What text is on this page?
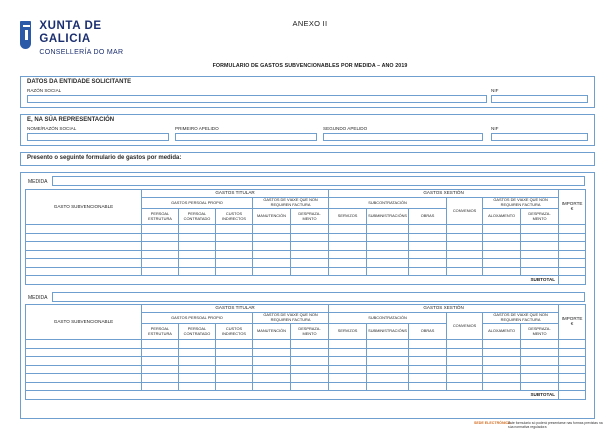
XUNTA DE GALICIA
CONSELLERÍA DO MAR
ANEXO II
FORMULARIO DE GASTOS SUBVENCIONABLES POR MEDIDA – ANO 2019
DATOS DA ENTIDADE SOLICITANTE
RAZÓN SOCIAL	NIF
E, NA SÚA REPRESENTACIÓN
NOME/RAZÓN SOCIAL	PRIMEIRO APELIDO	SEGUNDO APELIDO	NIF
Presento o seguinte formulario de gastos por medida:
MEDIDA
GASTO SUBVENCIONABLE	GASTOS TITULAR					GASTOS XESTIÓN						IMPORTE €
	GASTOS PERSOAL PROPIO			GASTOS DE VIAXE QUE NON REQUIREN FACTURA		SUBCONTRATACIÓN			CONVENIOS	GASTOS DE VIAXE QUE NON REQUIREN FACTURA		
	PERSOAL ESTRUTURA	PERSOAL CONTRATADO	CUSTOS INDIRECTOS	MANUTENCIÓN	DESPRAZA-MENTO	SERVIZOS	SUBMINISTRACIÓNS	OBRAS		ALOXAMENTO	DESPRAZA-MENTO	

SUBTOTAL												
MEDIDA
GASTO SUBVENCIONABLE	GASTOS TITULAR					GASTOS XESTIÓN						IMPORTE €
	GASTOS PERSOAL PROPIO			GASTOS DE VIAXE QUE NON REQUIREN FACTURA		SUBCONTRATACIÓN			CONVENIOS	GASTOS DE VIAXE QUE NON REQUIREN FACTURA		
	PERSOAL ESTRUTURA	PERSOAL CONTRATADO	CUSTOS INDIRECTOS	MANUTENCIÓN	DESPRAZA-MENTO	SERVIZOS	SUBMINISTRACIÓNS	OBRAS		ALOXAMENTO	DESPRAZA-MENTO	

SUBTOTAL												
SEDE ELECTRÓNICA
Este formulario só poderá presentarse nas formas previstas na súa normativa reguladora
